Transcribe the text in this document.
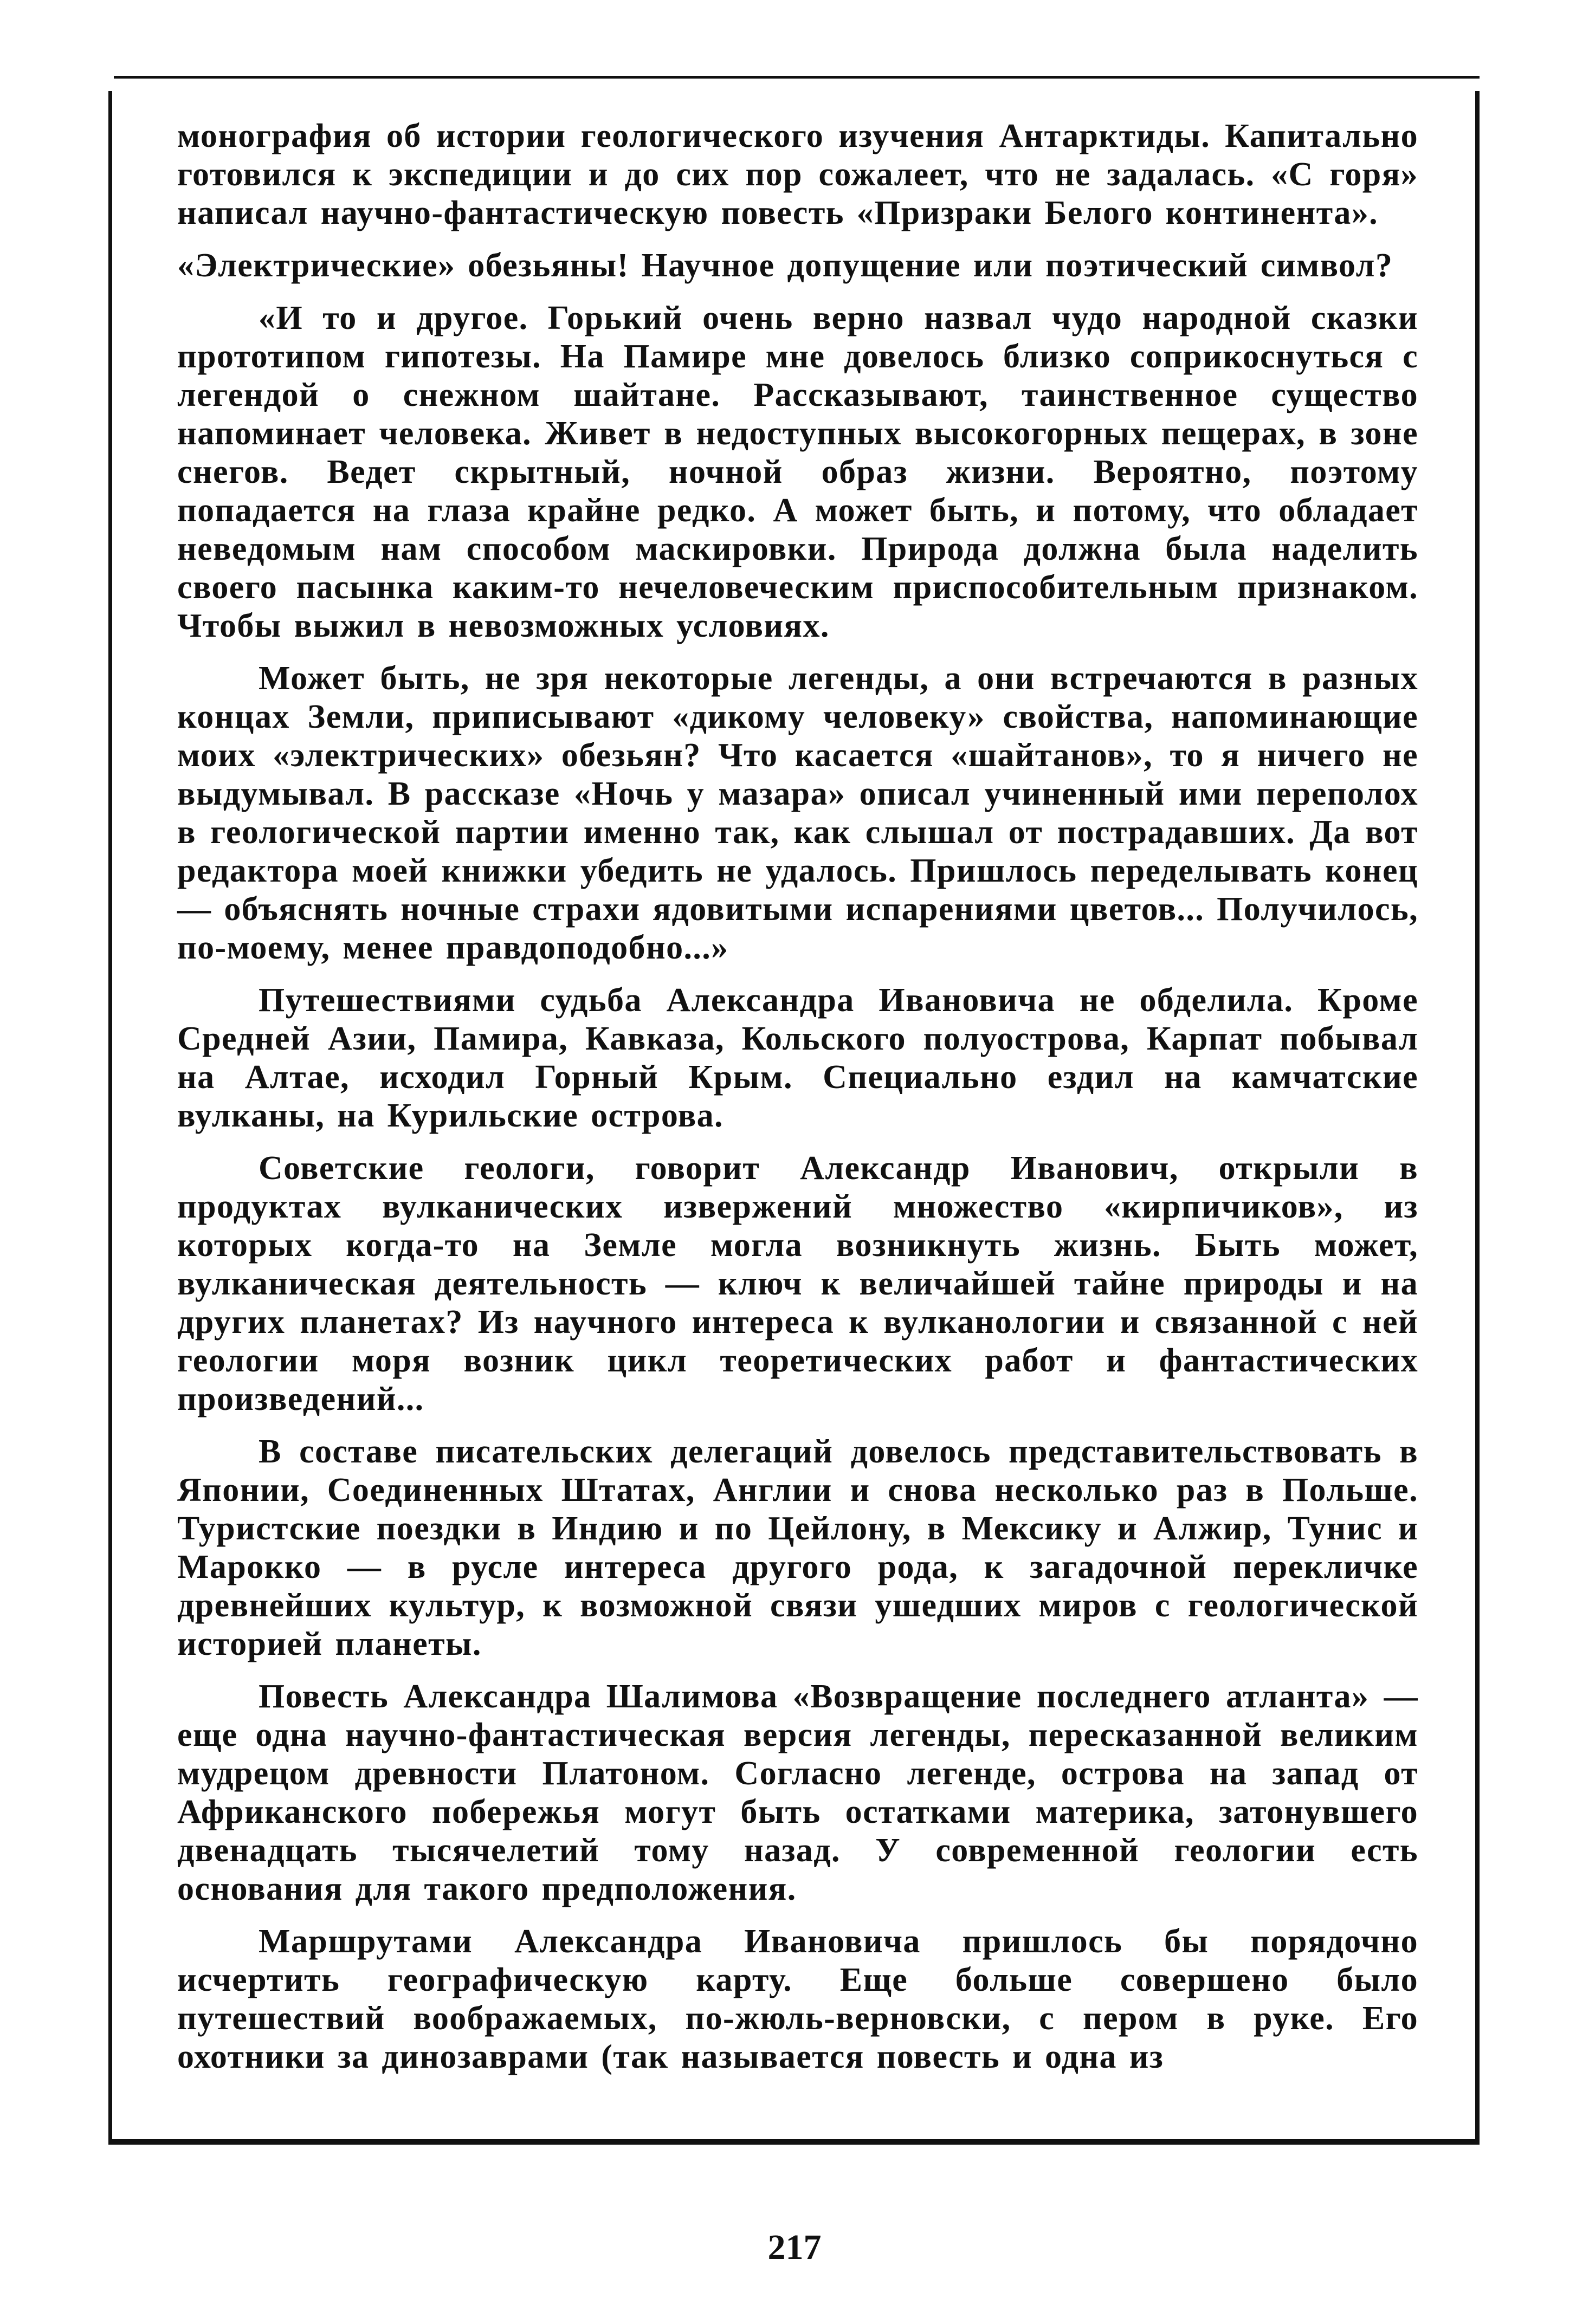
монография об истории геологического изучения Антарктиды. Капитально готовился к экспедиции и до сих пор сожалеет, что не задалась. «С горя» написал научно-фантастическую повесть «Призраки Белого континента».

«Электрические» обезьяны! Научное допущение или поэтический символ?

«И то и другое. Горький очень верно назвал чудо народной сказки прототипом гипотезы. На Памире мне довелось близко соприкоснуться с легендой о снежном шайтане. Рассказывают, таинственное существо напоминает человека. Живет в недоступных высокогорных пещерах, в зоне снегов. Ведет скрытный, ночной образ жизни. Вероятно, поэтому попадается на глаза крайне редко. А может быть, и потому, что обладает неведомым нам способом маскировки. Природа должна была наделить своего пасынка каким-то нечеловеческим приспособительным признаком. Чтобы выжил в невозможных условиях.

Может быть, не зря некоторые легенды, а они встречаются в разных концах Земли, приписывают «дикому человеку» свойства, напоминающие моих «электрических» обезьян? Что касается «шайтанов», то я ничего не выдумывал. В рассказе «Ночь у мазара» описал учиненный ими переполох в геологической партии именно так, как слышал от пострадавших. Да вот редактора моей книжки убедить не удалось. Пришлось переделывать конец — объяснять ночные страхи ядовитыми испарениями цветов... Получилось, по-моему, менее правдоподобно...»

Путешествиями судьба Александра Ивановича не обделила. Кроме Средней Азии, Памира, Кавказа, Кольского полуострова, Карпат побывал на Алтае, исходил Горный Крым. Специально ездил на камчатские вулканы, на Курильские острова.

Советские геологи, говорит Александр Иванович, открыли в продуктах вулканических извержений множество «кирпичиков», из которых когда-то на Земле могла возникнуть жизнь. Быть может, вулканическая деятельность — ключ к величайшей тайне природы и на других планетах? Из научного интереса к вулканологии и связанной с ней геологии моря возник цикл теоретических работ и фантастических произведений...

В составе писательских делегаций довелось представительствовать в Японии, Соединенных Штатах, Англии и снова несколько раз в Польше. Туристские поездки в Индию и по Цейлону, в Мексику и Алжир, Тунис и Марокко — в русле интереса другого рода, к загадочной перекличке древнейших культур, к возможной связи ушедших миров с геологической историей планеты.

Повесть Александра Шалимова «Возвращение последнего атланта» — еще одна научно-фантастическая версия легенды, пересказанной великим мудрецом древности Платоном. Согласно легенде, острова на запад от Африканского побережья могут быть остатками материка, затонувшего двенадцать тысячелетий тому назад. У современной геологии есть основания для такого предположения.

Маршрутами Александра Ивановича пришлось бы порядочно исчертить географическую карту. Еще больше совершено было путешествий воображаемых, по-жюль-верновски, с пером в руке. Его охотники за динозаврами (так называется повесть и одна из

217
